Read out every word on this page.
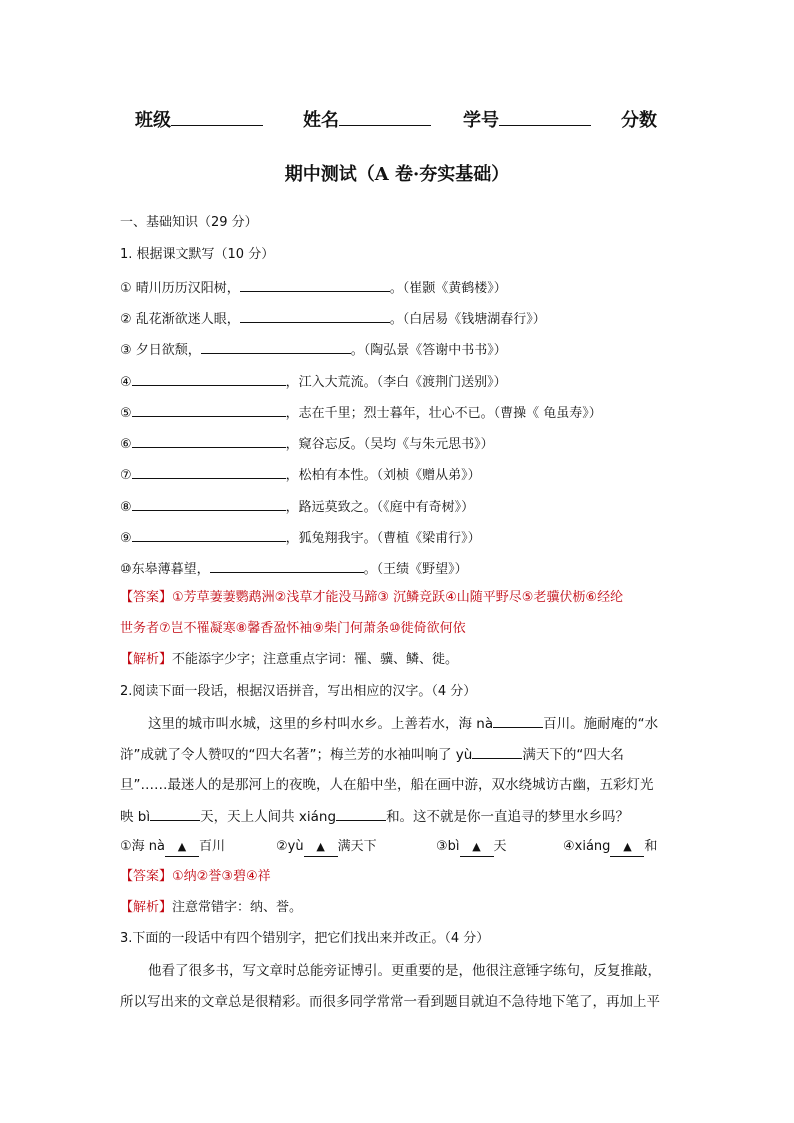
班级	姓名	学号	分数
期中测试（A 卷·夯实基础）
一、基础知识（29 分）
1. 根据课文默写（10 分）
① 晴川历历汉阳树，	。（崔颢《黄鹤楼》）
② 乱花渐欲迷人眼，	。（白居易《钱塘湖春行》）
③ 夕日欲颓，	。（陶弘景《答谢中书书》）
④	，江入大荒流。（李白《渡荆门送别》）
⑤	，志在千里；烈士暮年，壮心不已。（曹操《 龟虽寿》）
⑥	，窥谷忘反。（吴均《与朱元思书》）
⑦	，松柏有本性。（刘桢《赠从弟》）
⑧	，路远莫致之。（《庭中有奇树》）
⑨	，狐兔翔我宇。（曹植《梁甫行》）
⑩东皋薄暮望，	。（王绩《野望》）
【答案】①芳草萋萋鹦鹉洲②浅草才能没马蹄③ 沉鳞竞跃④山随平野尽⑤老骥伏枥⑥经纶
世务者⑦岂不罹凝寒⑧馨香盈怀袖⑨柴门何萧条⑩徙倚欲何依
【解析】不能添字少字；注意重点字词：罹、骥、鳞、徙。
2.阅读下面一段话，根据汉语拼音，写出相应的汉字。（4 分）
这里的城市叫水城，这里的乡村叫水乡。上善若水，海 nà	百川。施耐庵的“水
浒”成就了令人赞叹的“四大名著”；梅兰芳的水袖叫响了 yù	满天下的“四大名
旦”……最迷人的是那河上的夜晚，人在船中坐，船在画中游，双水绕城访古幽，五彩灯光
映 bì	天，天上人间共 xiáng	和。这不就是你一直追寻的梦里水乡吗？
①海 nà ▲ 百川	②yù ▲ 满天下	③bì ▲ 天	④xiáng ▲ 和
【答案】①纳②誉③碧④祥
【解析】注意常错字：纳、誉。
3.下面的一段话中有四个错别字，把它们找出来并改正。（4 分）
他看了很多书，写文章时总能旁证博引。更重要的是，他很注意锤字练句，反复推敲，
所以写出来的文章总是很精彩。而很多同学常常一看到题目就迫不急待地下笔了，再加上平
